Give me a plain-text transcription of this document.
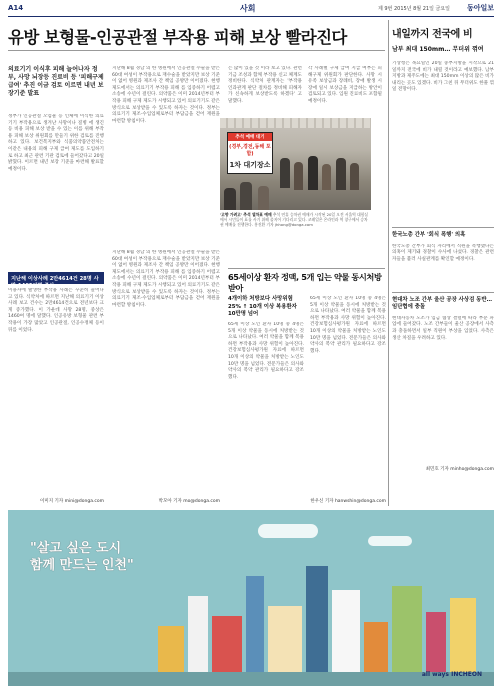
A14	사회	제 9번 2015년 8월 21일 금요일 동아일보
유방 보형물-인공관절 부작용 피해 보상 빨라진다

의료기기 이식후 피해 늘어나자 정부, 사망 뇌장등 진료비 등 '피해구제 급여' 추진 이금 검토 이르면 내년 보장기준 발표

정부가 인공관절 오염물 등 인체에 이식한 의료기기 부작용으로 생겨난 사망이나 질병 에 생긴 등 비용 피해 보상 받을 수 있는 이를 위해 부작용 피해 보상 위원회를 만들기 위한 검토를 진행하고 있다. 보건복지부와 식품의약품안전처는 이같은 내용의 피해 구제 급여 제도를 도입하기로 하고 최근 관련 기관 검토에 들어갔다고 20일 밝혔다. 이르면 내년 보장 기준을 마련해 발표할 예정이다.
지난해 8월 경남 의 한 병원에서 인공관절 수술을 받은 60대 여성이 부작용으로 재수술을 받았지만 보상 기준이 없어 병원과 제조사 간 책임 공방만 이어졌다. 현행 제도에서는 의료기기 부작용 피해 를 입증하기 어렵고 소송에 수년이 걸린다. 의약품은 이미 2014년부터 부작용 피해 구제 제도가 시행되고 있어 의료기기도 같은 방식으로 보상받을 수 있도록 하자는 것이다. 정부는 의료기기 제조·수입업체로부터 부담금을 걷어 재원을 마련할 방침이다.
는 많이 있을 것 이라 보고 있다. 관련 기금 조성과 함께 부작용 신고 체계도 정비한다. 식약처 관계자는 '부작용 인과관계 판단 절차를 정비해 피해자가 신속하게 보상받도록 하겠다' 고 말했다.
각 사례별 구제 급여 지급 여부는 피해구제 위원회가 판단한다. 사망 시 유족 보상금과 장례비, 장애 발생 시 장애 일시 보상금을 지급하는 방안이 검토되고 있다. 입원 진료비도 포함될 예정이다.
추석 예매 대기
(경부,경전,동해 포함)
1차 대기장소
'고향 가려고' 추석 열차표 예매 추석 연휴 승차권 예매가 시작된 20일 오전 서울역 대합실에서 시민들이 표를 사기 위해 줄지어 기다리고 있다. 코레일은 온라인과 역 창구에서 승차권 예매를 진행한다. 홍진환 기자 jhhong@donga.com
지난해 이상사례 2만4614건 28명 사망·1460여명 중상
이용자에 발생한 부작용 사례는 꾸준히 늘어나고 있다. 식약처에 따르면 지난해 의료기기 이상사례 보고 건수는 2만4614건으로 전년보다 크게 증가했다. 이 가운데 사망 28명, 중상은 1460여 명에 달했다. 인공유방 보형물 관련 부작용이 가장 많았고 인공관절, 인공수정체 등이 뒤를 이었다.
이미지 기자 mini@donga.com
지난해 8월 경남 의 한 병원에서 인공관절 수술을 받은 60대 여성이 부작용으로 재수술을 받았지만 보상 기준이 없어 병원과 제조사 간 책임 공방만 이어졌다. 현행 제도에서는 의료기기 부작용 피해 를 입증하기 어렵고 소송에 수년이 걸린다. 의약품은 이미 2014년부터 부작용 피해 구제 제도가 시행되고 있어 의료기기도 같은 방식으로 보상받을 수 있도록 하자는 것이다. 정부는 의료기기 제조·수입업체로부터 부담금을 걷어 재원을 마련할 방침이다.
박모아 기자 mo@donga.com
65세이상 환자 정맥, 5개 입는 약물 동시처방 받아
4개이하 처방보다 사망위험 25% ↑ 10개 이상 복용환자 10만명 넘어
65세 이상 노인 환자 10명 중 4명은 5개 이상 약물을 동시에 처방받는 것으로 나타났다. 여러 약물을 함께 복용하면 부작용과 사망 위험이 높아진다. 건강보험심사평가원 자료에 따르면 10개 이상의 약물을 처방받는 노인도 10만 명을 넘었다. 전문가들은 의사와 약사의 복약 관리가 필요하다고 강조했다.
65세 이상 노인 환자 10명 중 4명은 5개 이상 약물을 동시에 처방받는 것으로 나타났다. 여러 약물을 함께 복용하면 부작용과 사망 위험이 높아진다. 건강보험심사평가원 자료에 따르면 10개 이상의 약물을 처방받는 노인도 10만 명을 넘었다. 전문가들은 의사와 약사의 복약 관리가 필요하다고 강조했다.
한우신 기자 hanwshin@donga.com
내일까지 전국에 비
남부 최대 150mm… 무더위 꺾여
기상청은 목요일인 20일 중부지방을 시작으로 21일까지 전국에 비가 내릴 것이라고 예보했다. 남부지방과 제주도에는 최대 150mm 이상의 많은 비가 내리는 곳도 있겠다. 비가 그친 뒤 무더위도 한풀 꺾일 전망이다.
한국노총 간부 '회식 폭행' 의혹
한국노총 간부가 회식 자리에서 직원을 폭행했다는 의혹이 제기돼 경찰이 수사에 나섰다. 경찰은 관련자들을 불러 사실관계를 확인할 예정이다.
현대차 노조 간부 울산 공장 사상검 동반… 임단협에 충돌
현대자동차 노조가 임금 협상 결렬에 따라 부분 파업에 들어갔다. 노조 간부들이 울산 공장에서 사측과 충돌하면서 일부 직원이 부상을 입었다. 사측은 생산 차질을 우려하고 있다.
최민호 기자 minho@donga.com
"살고 싶은 도시
함께 만드는 인천"
all ways INCHEON
